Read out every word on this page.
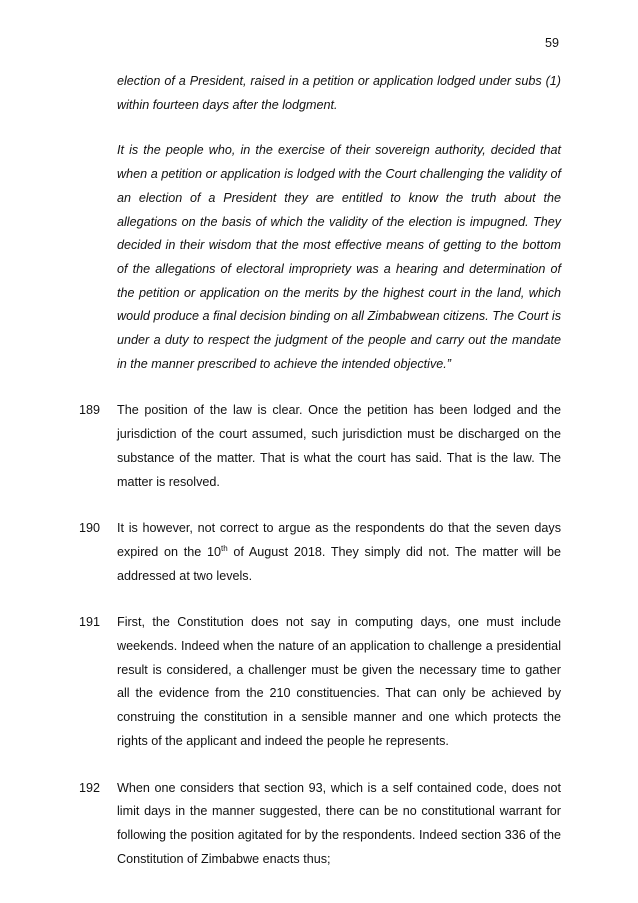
59

election of a President, raised in a petition or application lodged under subs (1) within fourteen days after the lodgment.

It is the people who, in the exercise of their sovereign authority, decided that when a petition or application is lodged with the Court challenging the validity of an election of a President they are entitled to know the truth about the allegations on the basis of which the validity of the election is impugned. They decided in their wisdom that the most effective means of getting to the bottom of the allegations of electoral impropriety was a hearing and determination of the petition or application on the merits by the highest court in the land, which would produce a final decision binding on all Zimbabwean citizens. The Court is under a duty to respect the judgment of the people and carry out the mandate in the manner prescribed to achieve the intended objective.”

189	The position of the law is clear. Once the petition has been lodged and the jurisdiction of the court assumed, such jurisdiction must be discharged on the substance of the matter. That is what the court has said. That is the law. The matter is resolved.

190	It is however, not correct to argue as the respondents do that the seven days expired on the 10th of August 2018. They simply did not. The matter will be addressed at two levels.

191	First, the Constitution does not say in computing days, one must include weekends. Indeed when the nature of an application to challenge a presidential result is considered, a challenger must be given the necessary time to gather all the evidence from the 210 constituencies. That can only be achieved by construing the constitution in a sensible manner and one which protects the rights of the applicant and indeed the people he represents.

192	When one considers that section 93, which is a self contained code, does not limit days in the manner suggested, there can be no constitutional warrant for following the position agitated for by the respondents. Indeed section 336 of the Constitution of Zimbabwe enacts thus;
